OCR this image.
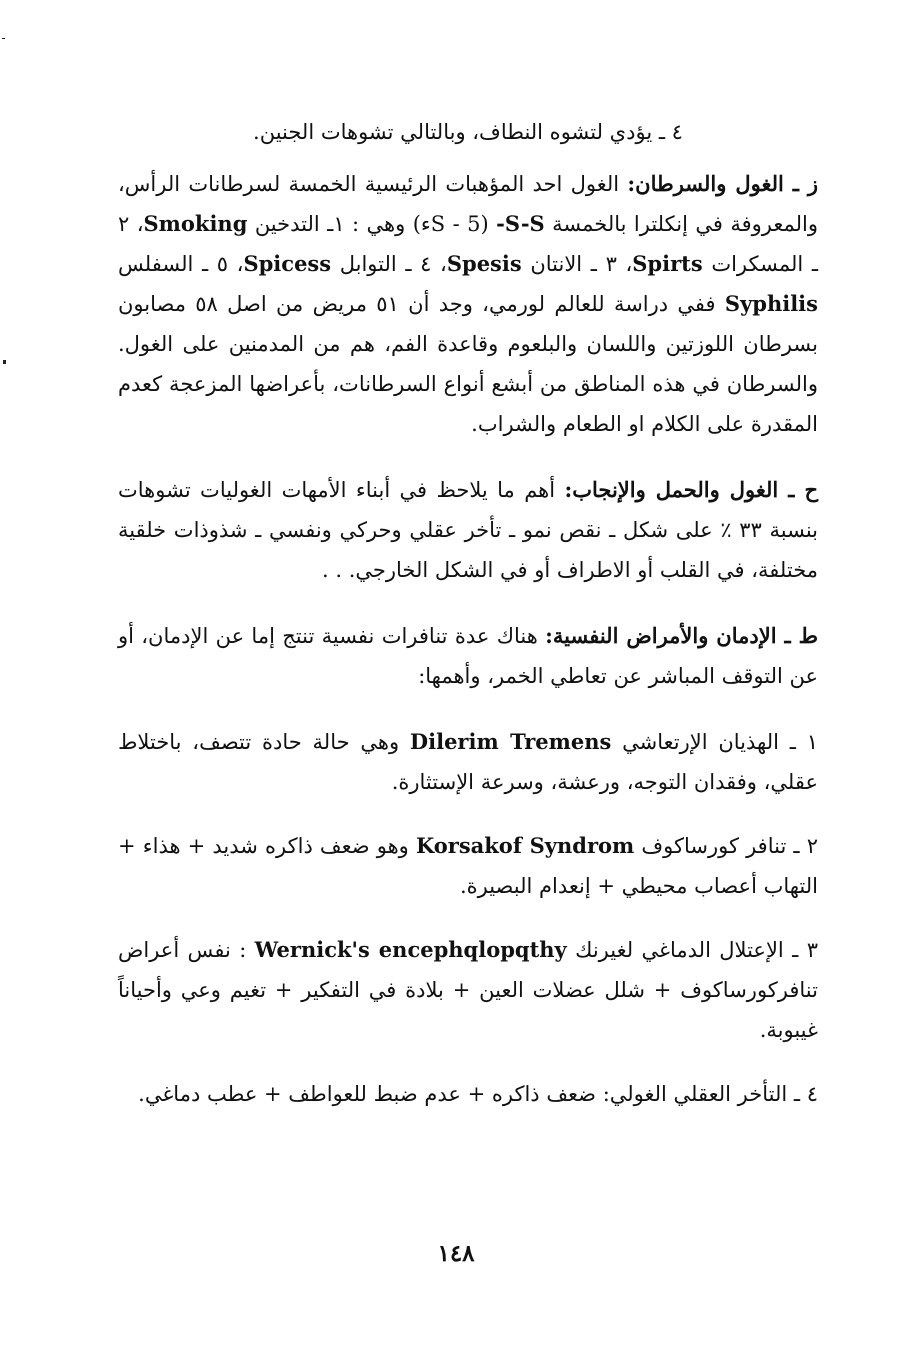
٤ ـ يؤدي لتشوه النطاف، وبالتالي تشوهات الجنين.

ز ـ الغول والسرطان: الغول احد المؤهبات الرئيسية الخمسة لسرطانات الرأس، والمعروفة في إنكلترا بالخمسة -S-S (5 - Sء) وهي : ١ـ التدخين Smoking، ٢ ـ المسكرات Spirts، ٣ ـ الانتان Spesis، ٤ ـ التوابل Spicess، ٥ ـ السفلس Syphilis ففي دراسة للعالم لورمي، وجد أن ٥١ مريض من اصل ٥٨ مصابون بسرطان اللوزتين واللسان والبلعوم وقاعدة الفم، هم من المدمنين على الغول. والسرطان في هذه المناطق من أبشع أنواع السرطانات، بأعراضها المزعجة كعدم المقدرة على الكلام او الطعام والشراب.

ح ـ الغول والحمل والإنجاب: أهم ما يلاحظ في أبناء الأمهات الغوليات تشوهات بنسبة ٣٣ ٪ على شكل ـ نقص نمو ـ تأخر عقلي وحركي ونفسي ـ شذوذات خلقية مختلفة، في القلب أو الاطراف أو في الشكل الخارجي. . .

ط ـ الإدمان والأمراض النفسية: هناك عدة تنافرات نفسية تنتج إما عن الإدمان، أو عن التوقف المباشر عن تعاطي الخمر، وأهمها:

١ ـ الهذيان الإرتعاشي Dilerim Tremens وهي حالة حادة تتصف، باختلاط عقلي، وفقدان التوجه، ورعشة، وسرعة الإستثارة.

٢ ـ تنافر كورساكوف Korsakof Syndrom وهو ضعف ذاكره شديد + هذاء + التهاب أعصاب محيطي + إنعدام البصيرة.

٣ ـ الإعتلال الدماغي لغيرنك Wernick's encephqlopqthy : نفس أعراض تنافركورساكوف + شلل عضلات العين + بلادة في التفكير + تغيم وعي وأحياناً غيبوبة.

٤ ـ التأخر العقلي الغولي: ضعف ذاكره + عدم ضبط للعواطف + عطب دماغي.

١٤٨
